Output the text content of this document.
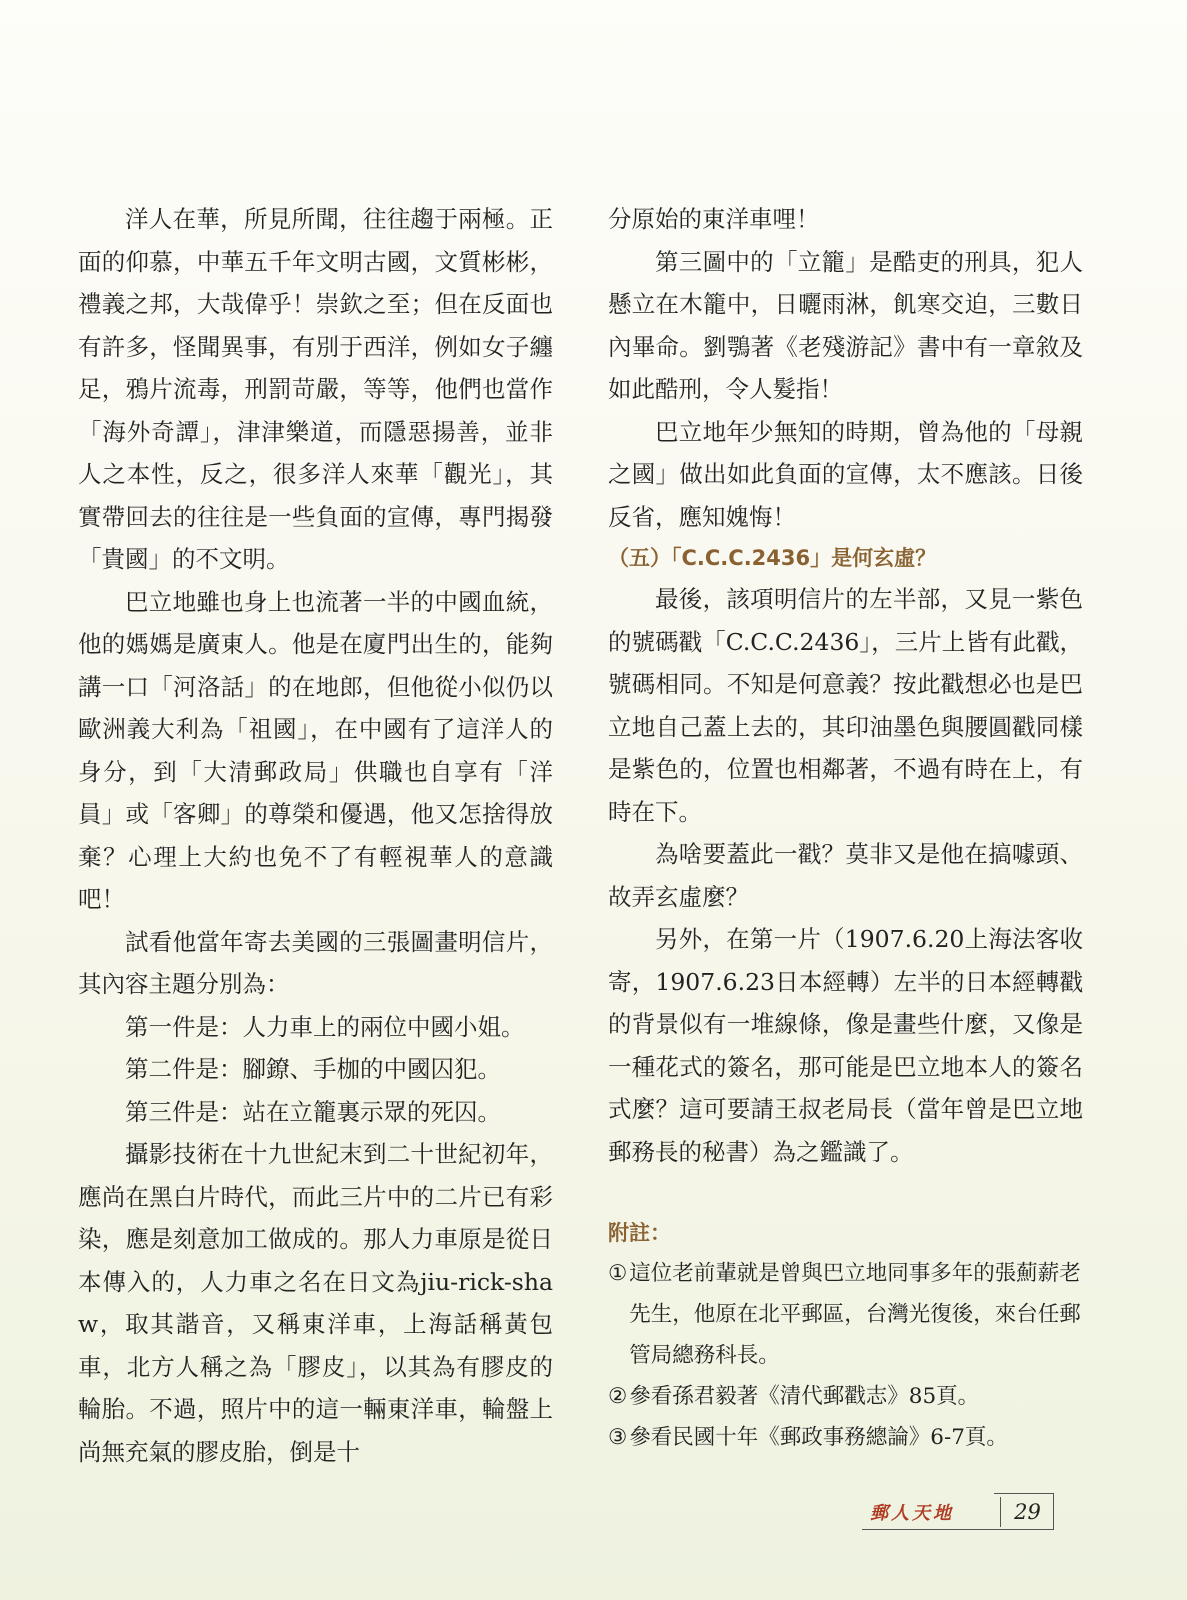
洋人在華，所見所聞，往往趨于兩極。正面的仰慕，中華五千年文明古國，文質彬彬，禮義之邦，大哉偉乎！崇欽之至；但在反面也有許多，怪聞異事，有別于西洋，例如女子纏足，鴉片流毒，刑罰苛嚴，等等，他們也當作「海外奇譚」，津津樂道，而隱惡揚善，並非人之本性，反之，很多洋人來華「觀光」，其實帶回去的往往是一些負面的宣傳，專門揭發「貴國」的不文明。

巴立地雖也身上也流著一半的中國血統，他的媽媽是廣東人。他是在廈門出生的，能夠講一口「河洛話」的在地郎，但他從小似仍以歐洲義大利為「祖國」，在中國有了這洋人的身分，到「大清郵政局」供職也自享有「洋員」或「客卿」的尊榮和優遇，他又怎捨得放棄？心理上大約也免不了有輕視華人的意識吧！

試看他當年寄去美國的三張圖畫明信片，其內容主題分別為：

第一件是：人力車上的兩位中國小姐。

第二件是：腳鐐、手枷的中國囚犯。

第三件是：站在立籠裏示眾的死囚。

攝影技術在十九世紀末到二十世紀初年，應尚在黑白片時代，而此三片中的二片已有彩染，應是刻意加工做成的。那人力車原是從日本傳入的，人力車之名在日文為jiu-rick-shaw，取其諧音，又稱東洋車，上海話稱黃包車，北方人稱之為「膠皮」，以其為有膠皮的輪胎。不過，照片中的這一輛東洋車，輪盤上尚無充氣的膠皮胎，倒是十

分原始的東洋車哩！

第三圖中的「立籠」是酷吏的刑具，犯人懸立在木籠中，日曬雨淋，飢寒交迫，三數日內畢命。劉鶚著《老殘游記》書中有一章敘及如此酷刑，令人髮指！

巴立地年少無知的時期，曾為他的「母親之國」做出如此負面的宣傳，太不應該。日後反省，應知媿悔！

（五）「C.C.C.2436」是何玄虛？

最後，該項明信片的左半部，又見一紫色的號碼戳「C.C.C.2436」，三片上皆有此戳，號碼相同。不知是何意義？按此戳想必也是巴立地自己蓋上去的，其印油墨色與腰圓戳同樣是紫色的，位置也相鄰著，不過有時在上，有時在下。

為啥要蓋此一戳？莫非又是他在搞噱頭、故弄玄虛麼？

另外，在第一片（1907.6.20上海法客收寄，1907.6.23日本經轉）左半的日本經轉戳的背景似有一堆線條，像是畫些什麼，又像是一種花式的簽名，那可能是巴立地本人的簽名式麼？這可要請王叔老局長（當年曾是巴立地郵務長的秘書）為之鑑識了。

附註：

① 這位老前輩就是曾與巴立地同事多年的張薊薪老先生，他原在北平郵區，台灣光復後，來台任郵管局總務科長。
② 參看孫君毅著《清代郵戳志》85頁。
③ 參看民國十年《郵政事務總論》6-7頁。
郵人天地	29
